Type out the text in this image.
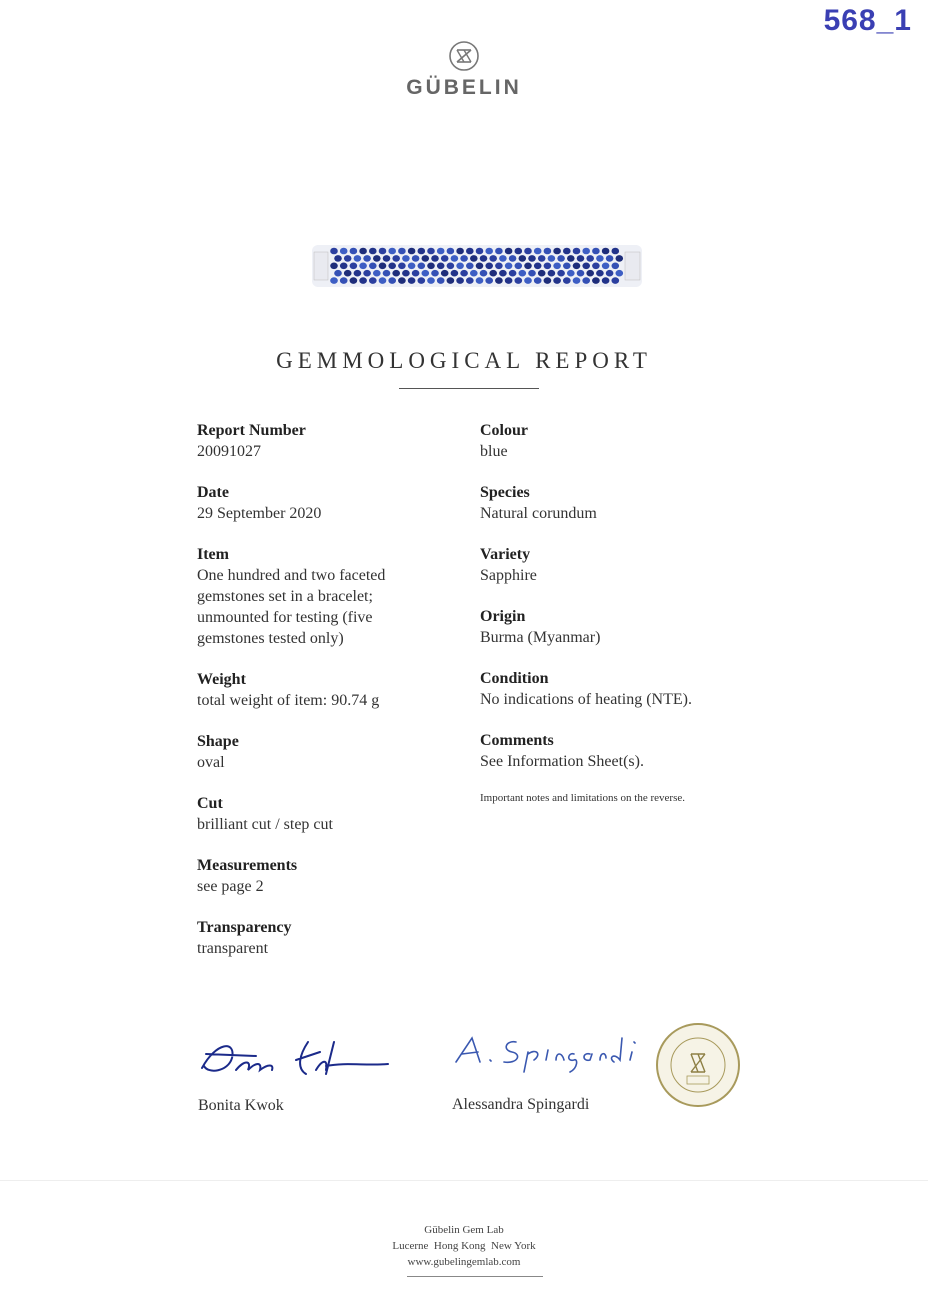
568_1
GÜBELIN
GEMMOLOGICAL REPORT
Report Number
20091027
Date
29 September 2020
Item
One hundred and two faceted gemstones set in a bracelet; unmounted for testing (five gemstones tested only)
Weight
total weight of item: 90.74 g
Shape
oval
Cut
brilliant cut / step cut
Measurements
see page 2
Transparency
transparent
Colour
blue
Species
Natural corundum
Variety
Sapphire
Origin
Burma (Myanmar)
Condition
No indications of heating (NTE).
Comments
See Information Sheet(s).
Important notes and limitations on the reverse.
Bonita Kwok	Alessandra Spingardi
Gübelin Gem Lab
Lucerne  Hong Kong  New York
www.gubelingemlab.com
